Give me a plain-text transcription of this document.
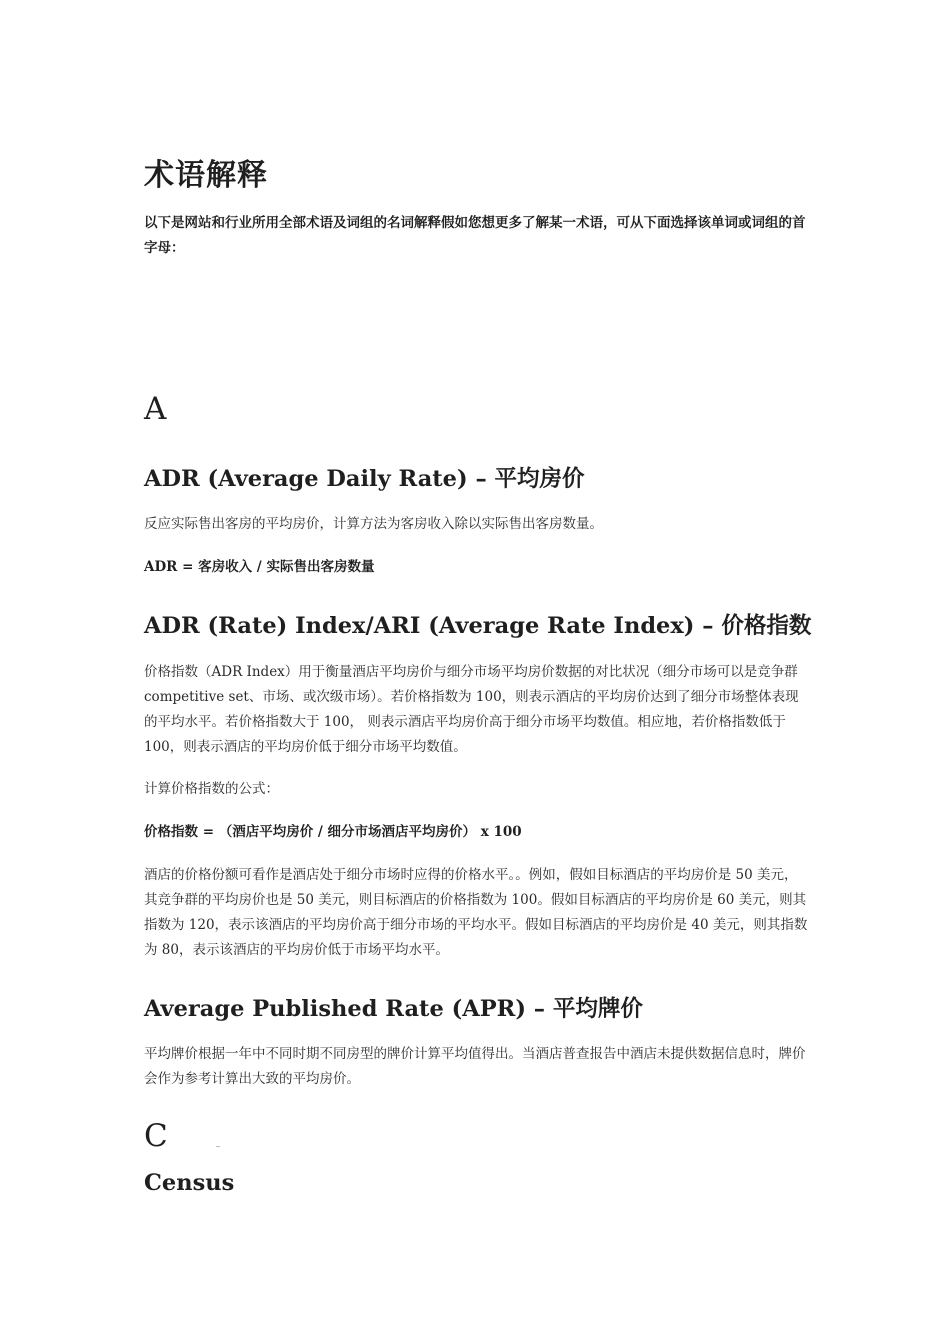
术语解释

以下是网站和行业所用全部术语及词组的名词解释假如您想更多了解某一术语，可从下面选择该单词或词组的首字母：

A
ADR (Average Daily Rate) – 平均房价

反应实际售出客房的平均房价，计算方法为客房收入除以实际售出客房数量。

ADR = 客房收入 / 实际售出客房数量

ADR (Rate) Index/ARI (Average Rate Index) – 价格指数

价格指数（ADR Index）用于衡量酒店平均房价与细分市场平均房价数据的对比状况（细分市场可以是竞争群 competitive set、市场、或次级市场）。若价格指数为 100，则表示酒店的平均房价达到了细分市场整体表现的平均水平。若价格指数大于 100， 则表示酒店平均房价高于细分市场平均数值。相应地，若价格指数低于 100，则表示酒店的平均房价低于细分市场平均数值。

计算价格指数的公式：

价格指数 = （酒店平均房价 / 细分市场酒店平均房价） x 100

酒店的价格份额可看作是酒店处于细分市场时应得的价格水平。。例如，假如目标酒店的平均房价是 50 美元，其竞争群的平均房价也是 50 美元，则目标酒店的价格指数为 100。假如目标酒店的平均房价是 60 美元，则其指数为 120，表示该酒店的平均房价高于细分市场的平均水平。假如目标酒店的平均房价是 40 美元，则其指数为 80，表示该酒店的平均房价低于市场平均水平。

Average Published Rate (APR) – 平均牌价

平均牌价根据一年中不同时期不同房型的牌价计算平均值得出。当酒店普查报告中酒店未提供数据信息时，牌价会作为参考计算出大致的平均房价。

C
Census
